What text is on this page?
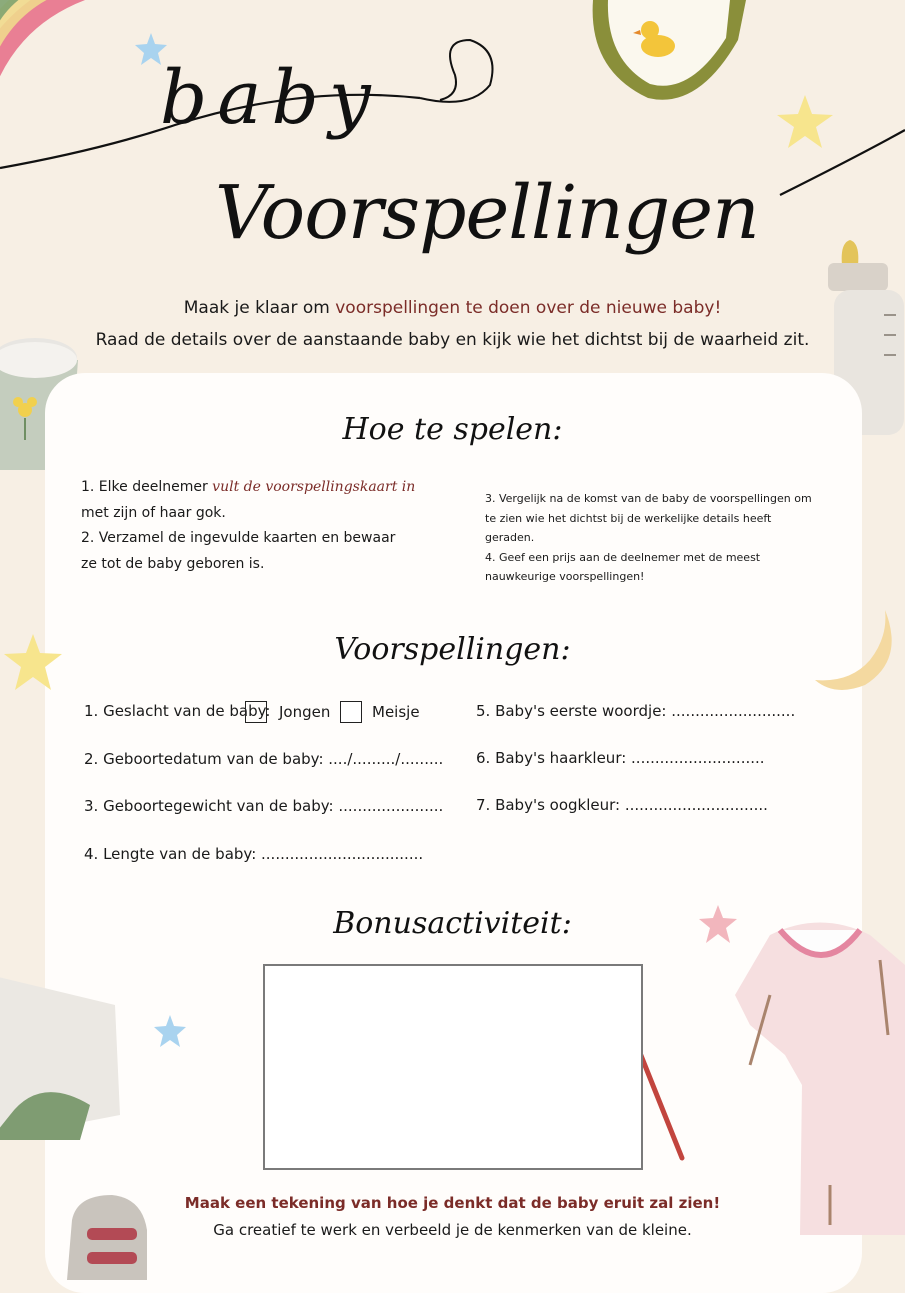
baby
Voorspellingen
Maak je klaar om voorspellingen te doen over de nieuwe baby!
Raad de details over de aanstaande baby en kijk wie het dichtst bij de waarheid zit.
Hoe te spelen:
1. Elke deelnemer vult de voorspellingskaart in
met zijn of haar gok.
2. Verzamel de ingevulde kaarten en bewaar
ze tot de baby geboren is.
3. Vergelijk na de komst van de baby de voorspellingen om
te zien wie het dichtst bij de werkelijke details heeft
geraden.
4. Geef een prijs aan de deelnemer met de meest
nauwkeurige voorspellingen!
Voorspellingen:
1. Geslacht van de baby: Jongen	Meisje
2. Geboortedatum van de baby: ..../........./.........
3. Geboortegewicht van de baby: ......................
4. Lengte van de baby: ..................................
5. Baby's eerste woordje: ..........................
6. Baby's haarkleur: ............................
7. Baby's oogkleur: ..............................
Bonusactiviteit:
Maak een tekening van hoe je denkt dat de baby eruit zal zien!
Ga creatief te werk en verbeeld je de kenmerken van de kleine.
